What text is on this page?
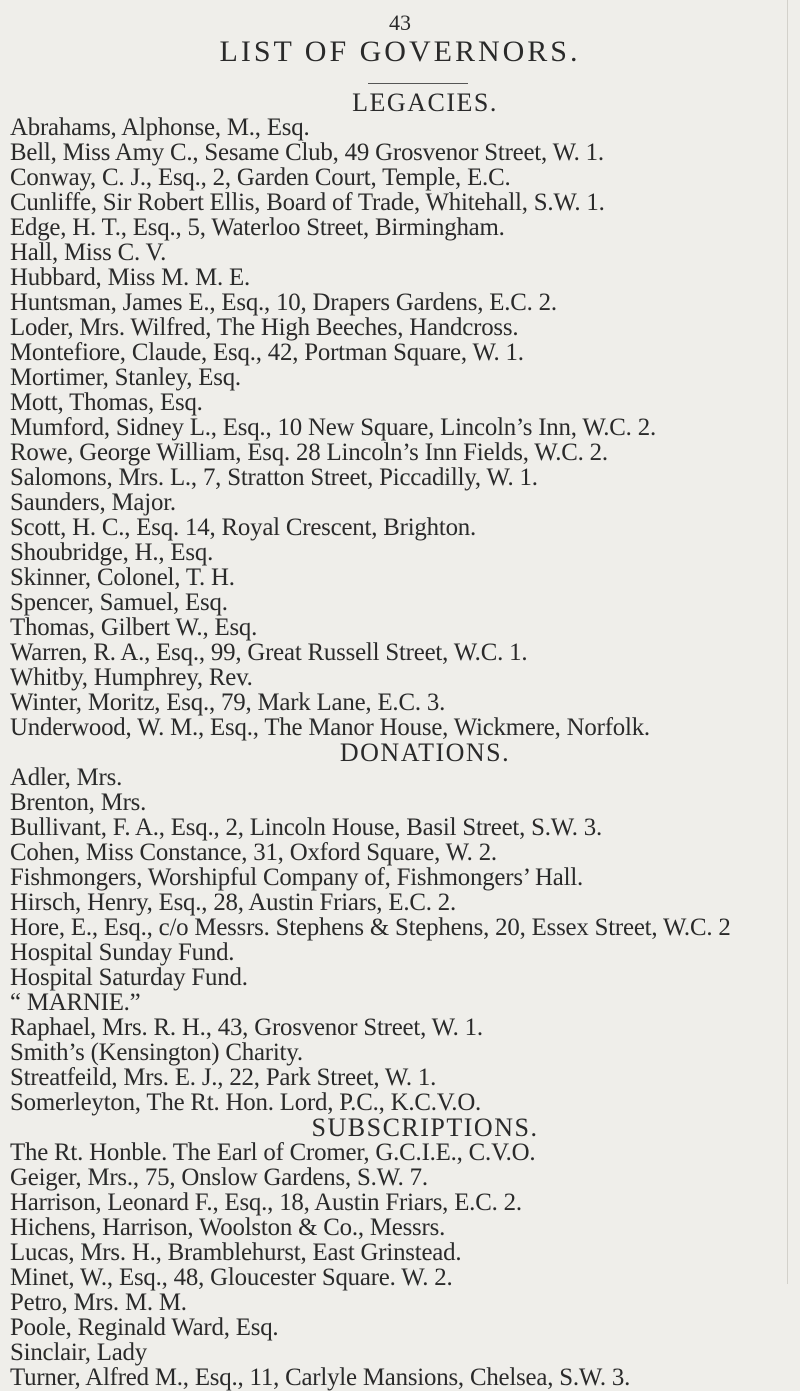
43
LIST OF GOVERNORS.
LEGACIES.
Abrahams, Alphonse, M., Esq.
Bell, Miss Amy C., Sesame Club, 49 Grosvenor Street, W. 1.
Conway, C. J., Esq., 2, Garden Court, Temple, E.C.
Cunliffe, Sir Robert Ellis, Board of Trade, Whitehall, S.W. 1.
Edge, H. T., Esq., 5, Waterloo Street, Birmingham.
Hall, Miss C. V.
Hubbard, Miss M. M. E.
Huntsman, James E., Esq., 10, Drapers Gardens, E.C. 2.
Loder, Mrs. Wilfred, The High Beeches, Handcross.
Montefiore, Claude, Esq., 42, Portman Square, W. 1.
Mortimer, Stanley, Esq.
Mott, Thomas, Esq.
Mumford, Sidney L., Esq., 10 New Square, Lincoln’s Inn, W.C. 2.
Rowe, George William, Esq. 28 Lincoln’s Inn Fields, W.C. 2.
Salomons, Mrs. L., 7, Stratton Street, Piccadilly, W. 1.
Saunders, Major.
Scott, H. C., Esq. 14, Royal Crescent, Brighton.
Shoubridge, H., Esq.
Skinner, Colonel, T. H.
Spencer, Samuel, Esq.
Thomas, Gilbert W., Esq.
Warren, R. A., Esq., 99, Great Russell Street, W.C. 1.
Whitby, Humphrey, Rev.
Winter, Moritz, Esq., 79, Mark Lane, E.C. 3.
Underwood, W. M., Esq., The Manor House, Wickmere, Norfolk.
DONATIONS.
Adler, Mrs.
Brenton, Mrs.
Bullivant, F. A., Esq., 2, Lincoln House, Basil Street, S.W. 3.
Cohen, Miss Constance, 31, Oxford Square, W. 2.
Fishmongers, Worshipful Company of, Fishmongers’ Hall.
Hirsch, Henry, Esq., 28, Austin Friars, E.C. 2.
Hore, E., Esq., c/o Messrs. Stephens & Stephens, 20, Essex Street, W.C. 2
Hospital Sunday Fund.
Hospital Saturday Fund.
“ MARNIE.”
Raphael, Mrs. R. H., 43, Grosvenor Street, W. 1.
Smith’s (Kensington) Charity.
Streatfeild, Mrs. E. J., 22, Park Street, W. 1.
Somerleyton, The Rt. Hon. Lord, P.C., K.C.V.O.
SUBSCRIPTIONS.
The Rt. Honble. The Earl of Cromer, G.C.I.E., C.V.O.
Geiger, Mrs., 75, Onslow Gardens, S.W. 7.
Harrison, Leonard F., Esq., 18, Austin Friars, E.C. 2.
Hichens, Harrison, Woolston & Co., Messrs.
Lucas, Mrs. H., Bramblehurst, East Grinstead.
Minet, W., Esq., 48, Gloucester Square. W. 2.
Petro, Mrs. M. M.
Poole, Reginald Ward, Esq.
Sinclair, Lady
Turner, Alfred M., Esq., 11, Carlyle Mansions, Chelsea, S.W. 3.
